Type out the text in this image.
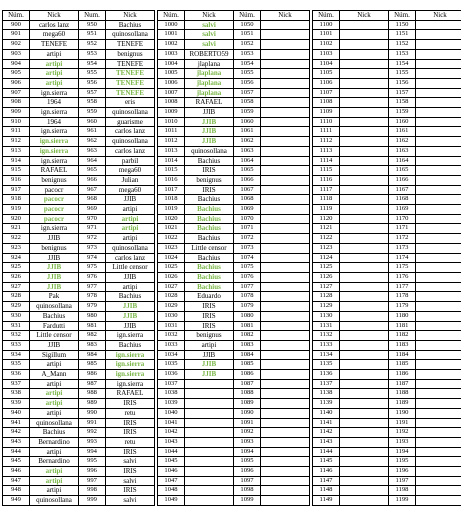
Núm.	Nick	Num.	Nick		Núm.	Nick	Núm.	Nick		Núm.	Nick	Núm.	Nick
900	carlos lanz	950	Bachius		1000	salvi	1050			1100		1150	
901	mega60	951	quinosollana		1001	salvi	1051			1101		1151	
902	TENEFE	952	TENEFE		1002	salvi	1052			1102		1152	
903	artipi	953	benignus		1003	ROBERTO59	1053			1103		1153	
904	artipi	954	TENEFE		1004	jlaplana	1054			1104		1154	
905	artipi	955	TENEFE		1005	jlaplana	1055			1105		1155	
906	artipi	956	TENEFE		1006	jlaplana	1056			1106		1156	
907	ign.sierra	957	TENEFE		1007	jlaplana	1057			1107		1157	
908	1964	958	eris		1008	RAFAEL	1058			1108		1158	
909	ign.sierra	959	quinosollana		1009	JJIB	1059			1109		1159	
910	1964	960	guarisme		1010	JJIB	1060			1110		1160	
911	ign.sierra	961	carlos lanz		1011	JJIB	1061			1111		1161	
912	ign.sierra	962	quinosollana		1012	JJIB	1062			1112		1162	
913	ign.sierra	963	carlos lanz		1013	quinosollana	1063			1113		1163	
914	ign.sierra	964	parbil		1014	Bachius	1064			1114		1164	
915	RAFAEL	965	mega60		1015	IRIS	1065			1115		1165	
916	benignus	966	Julian		1016	benignus	1066			1116		1166	
917	pacocr	967	mega60		1017	IRIS	1067			1117		1167	
918	pacocr	968	JJIB		1018	Bachius	1068			1118		1168	
919	pacocr	969	artipi		1019	Bachius	1069			1119		1169	
920	pacocr	970	artipi		1020	Bachius	1070			1120		1170	
921	ign.sierra	971	artipi		1021	Bachius	1071			1121		1171	
922	JJIB	972	artipi		1022	Bachius	1072			1122		1172	
923	benignus	973	quinosollana		1023	Little censor	1073			1123		1173	
924	JJIB	974	carlos lanz		1024	Bachius	1074			1124		1174	
925	JJIB	975	Little censor		1025	Bachius	1075			1125		1175	
926	JJIB	976	JJIB		1026	Bachius	1076			1126		1176	
927	JJIB	977	artipi		1027	Bachius	1077			1127		1177	
928	Pak	978	Bachius		1028	Eduardo	1078			1128		1178	
929	quinosollana	979	JJIB		1029	IRIS	1079			1129		1179	
930	Bachius	980	JJIB		1030	IRIS	1080			1130		1180	
931	Fardutti	981	JJIB		1031	IRIS	1081			1131		1181	
932	Little censor	982	ign.sierra		1032	benignus	1082			1132		1182	
933	JJIB	983	Bachius		1033	artipi	1083			1133		1183	
934	Sigillum	984	ign.sierra		1034	JJIB	1084			1134		1184	
935	artipi	985	ign.sierra		1035	JJIB	1085			1135		1185	
936	A_Mann	986	ign.sierra		1036	JJIB	1086			1136		1186	
937	artipi	987	ign.sierra		1037		1087			1137		1187	
938	artipi	988	RAFAEL		1038		1088			1138		1188	
939	artipi	989	IRIS		1039		1089			1139		1189	
940	artipi	990	retu		1040		1090			1140		1190	
941	quinosollana	991	IRIS		1041		1091			1141		1191	
942	Bachius	992	IRIS		1042		1092			1142		1192	
943	Bernardino	993	retu		1043		1093			1143		1193	
944	artipi	994	IRIS		1044		1094			1144		1194	
945	Bernardino	995	salvi		1045		1095			1145		1195	
946	artipi	996	IRIS		1046		1096			1146		1196	
947	artipi	997	salvi		1047		1097			1147		1197	
948	artipi	998	IRIS		1048		1098			1148		1198	
949	quinosollana	999	salvi		1049		1099			1149		1199	
